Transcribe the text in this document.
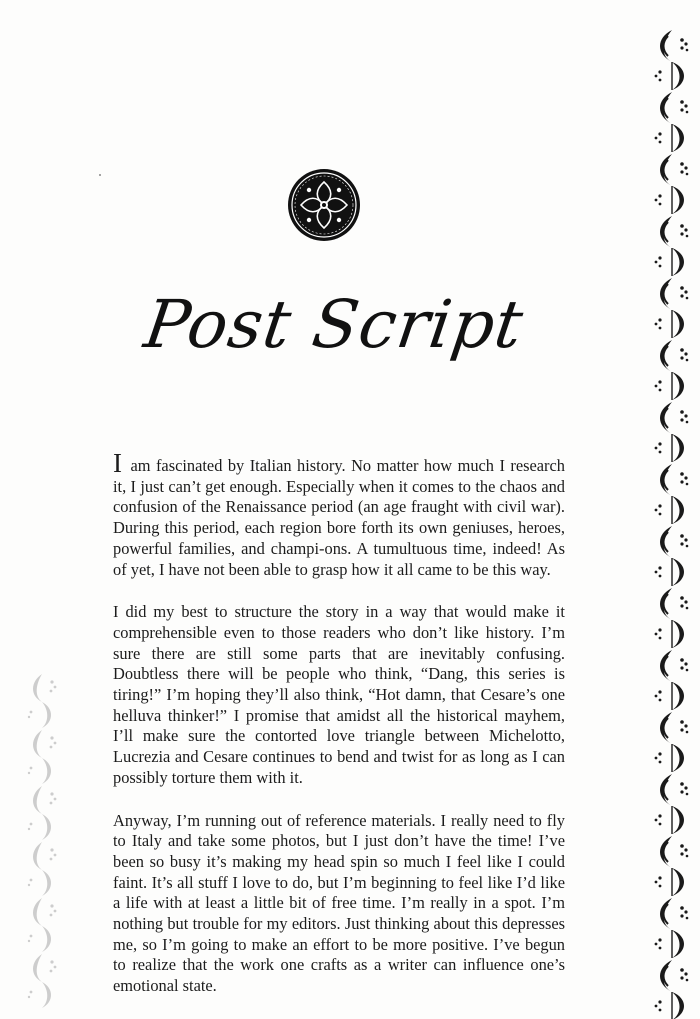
Post Script

I am fascinated by Italian history. No matter how much I research it, I just can’t get enough. Especially when it comes to the chaos and confusion of the Renaissance period (an age fraught with civil war). During this period, each region bore forth its own geniuses, heroes, powerful families, and champi-ons. A tumultuous time, indeed! As of yet, I have not been able to grasp how it all came to be this way.

I did my best to structure the story in a way that would make it comprehensible even to those readers who don’t like history. I’m sure there are still some parts that are inevitably confusing. Doubtless there will be people who think, “Dang, this series is tiring!” I’m hoping they’ll also think, “Hot damn, that Cesare’s one helluva thinker!” I promise that amidst all the historical mayhem, I’ll make sure the contorted love triangle between Michelotto, Lucrezia and Cesare continues to bend and twist for as long as I can possibly torture them with it.

Anyway, I’m running out of reference materials. I really need to fly to Italy and take some photos, but I just don’t have the time! I’ve been so busy it’s making my head spin so much I feel like I could faint. It’s all stuff I love to do, but I’m beginning to feel like I’d like a life with at least a little bit of free time. I’m really in a spot. I’m nothing but trouble for my editors. Just thinking about this depresses me, so I’m going to make an effort to be more positive. I’ve begun to realize that the work one crafts as a writer can influence one’s emotional state.
